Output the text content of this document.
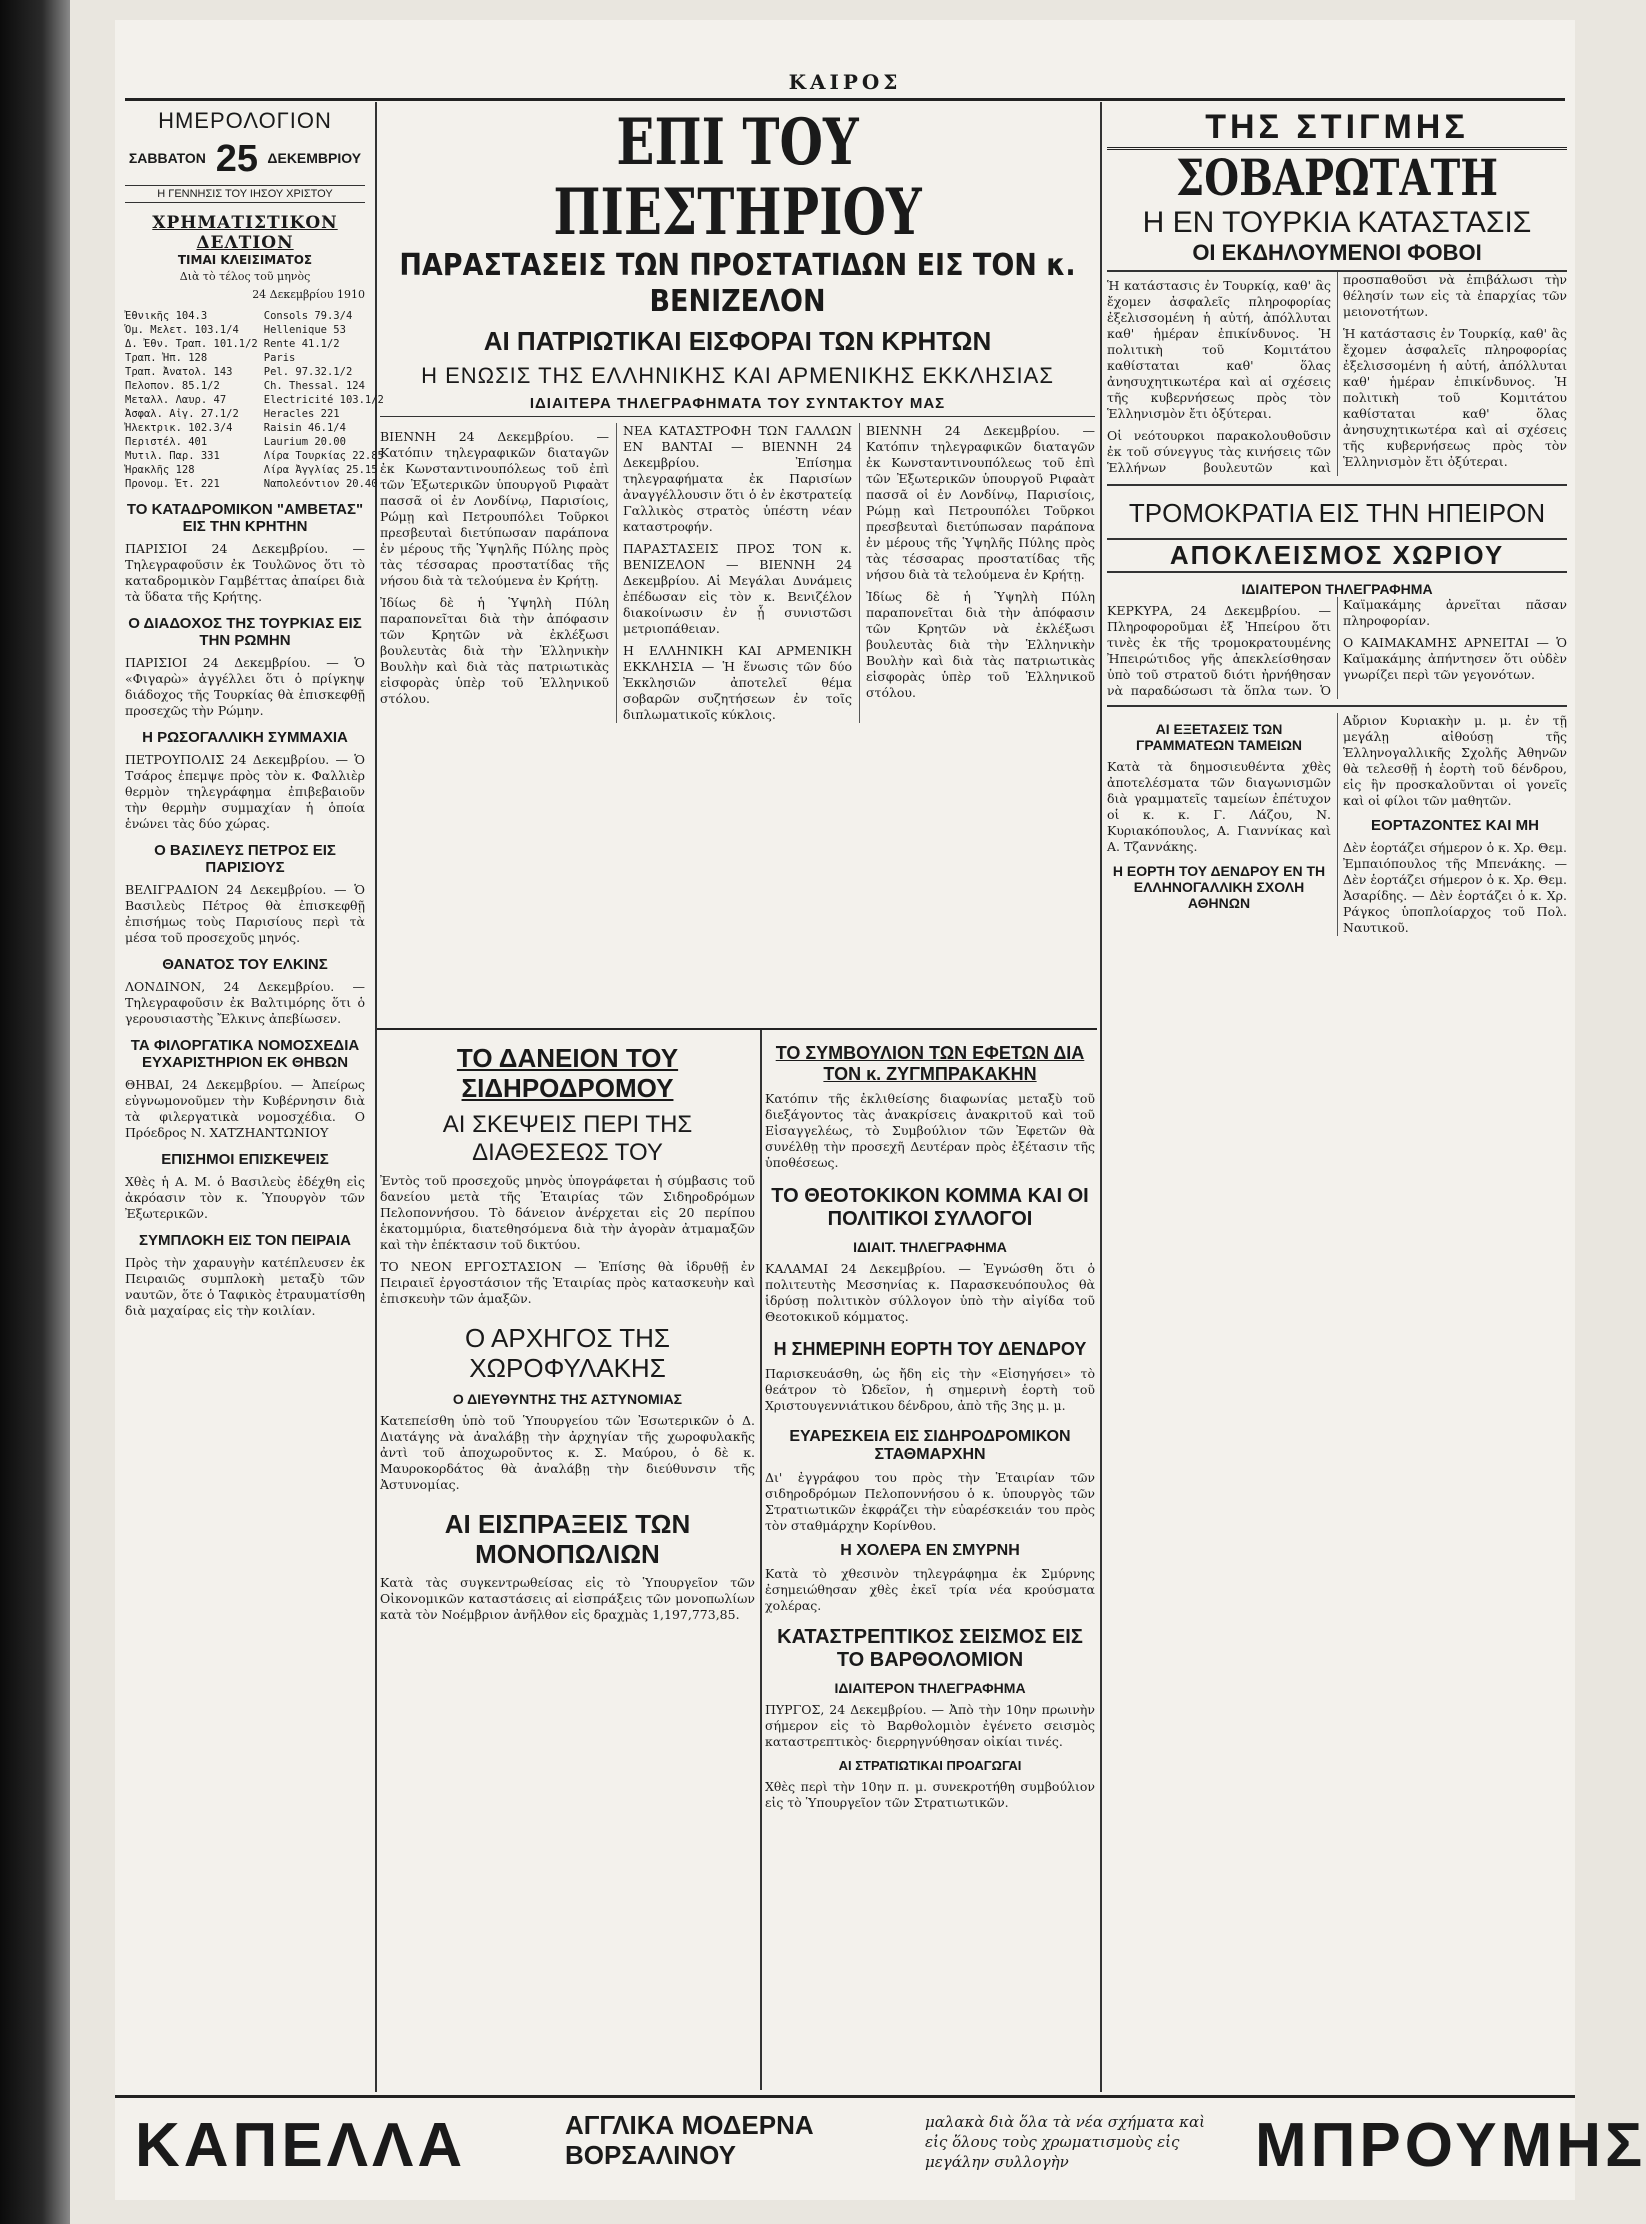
ΚΑΙΡΟΣ
ΗΜΕΡΟΛΟΓΙΟΝ
ΣΑΒΒΑΤΟΝ 25 ΔΕΚΕΜΒΡΙΟΥ
Η ΓΕΝΝΗΣΙΣ ΤΟΥ ΙΗΣΟΥ ΧΡΙΣΤΟΥ
ΧΡΗΜΑΤΙΣΤΙΚΟΝ ΔΕΛΤΙΟΝ
ΤΙΜΑΙ ΚΛΕΙΣΙΜΑΤΟΣ
Διὰ τὸ τέλος τοῦ μηνὸς
24 Δεκεμβρίου 1910
Ἐθνικῆς 104.3	Consols 79.3/4
Ὁμ. Μελετ. 103.1/4	Hellenique 53
Δ. Ἐθν. Τραπ. 101.1/2 Rente 41.1/2
Τραπ. Ἠπ. 128	Paris
Τραπ. Ἀνατολ. 143	Pel. 97.32.1/2
Πελοπον. 85.1/2	Ch. Thessal. 124
Μεταλλ. Λαυρ. 47	Electricité 103.1/2
Ἀσφαλ. Αἰγ. 27.1/2	Heracles 221
Ἠλεκτρικ. 102.3/4	Raisin 46.1/4
Περιστέλ. 401	Laurium 20.00
Μυτιλ. Παρ. 331	Λίρα Τουρκίας 22.85
Ἡρακλῆς 128	Λίρα Ἀγγλίας 25.15
Προνομ. Ἐτ. 221	Ναπολεόντιον 20.40
ΤΟ ΚΑΤΑΔΡΟΜΙΚΟΝ "ΑΜΒΕΤΑΣ" ΕΙΣ ΤΗΝ ΚΡΗΤΗΝ
ΠΑΡΙΣΙΟΙ 24 Δεκεμβρίου. — Τηλεγραφοῦσιν ἐκ Τουλῶνος ὅτι τὸ καταδρομικὸν Γαμβέττας ἀπαίρει διὰ τὰ ὕδατα τῆς Κρήτης.
Ο ΔΙΑΔΟΧΟΣ ΤΗΣ ΤΟΥΡΚΙΑΣ ΕΙΣ ΤΗΝ ΡΩΜΗΝ
ΠΑΡΙΣΙΟΙ 24 Δεκεμβρίου. — Ὁ «Φιγαρὼ» ἀγγέλλει ὅτι ὁ πρίγκηψ διάδοχος τῆς Τουρκίας θὰ ἐπισκεφθῇ προσεχῶς τὴν Ρώμην.
Η ΡΩΣΟΓΑΛΛΙΚΗ ΣΥΜΜΑΧΙΑ
ΠΕΤΡΟΥΠΟΛΙΣ 24 Δεκεμβρίου. — Ὁ Τσάρος ἐπεμψε πρὸς τὸν κ. Φαλλιὲρ θερμὸν τηλεγράφημα ἐπιβεβαιοῦν τὴν θερμὴν συμμαχίαν ἡ ὁποία ἑνώνει τὰς δύο χώρας.
Ο ΒΑΣΙΛΕΥΣ ΠΕΤΡΟΣ ΕΙΣ ΠΑΡΙΣΙΟΥΣ
ΒΕΛΙΓΡΑΔΙΟΝ 24 Δεκεμβρίου. — Ὁ Βασιλεὺς Πέτρος θὰ ἐπισκεφθῇ ἐπισήμως τοὺς Παρισίους περὶ τὰ μέσα τοῦ προσεχοῦς μηνός.
ΘΑΝΑΤΟΣ ΤΟΥ ΕΛΚΙΝΣ
ΛΟΝΔΙΝΟΝ, 24 Δεκεμβρίου. — Τηλεγραφοῦσιν ἐκ Βαλτιμόρης ὅτι ὁ γερουσιαστὴς Ἔλκινς ἀπεβίωσεν.
ΤΑ ΦΙΛΟΡΓΑΤΙΚΑ ΝΟΜΟΣΧΕΔΙΑ ΕΥΧΑΡΙΣΤΗΡΙΟΝ ΕΚ ΘΗΒΩΝ
ΘΗΒΑΙ, 24 Δεκεμβρίου. — Ἀπείρως εὐγνωμονοῦμεν τὴν Κυβέρνησιν διὰ τὰ φιλεργατικὰ νομοσχέδια. Ο Πρόεδρος Ν. ΧΑΤΖΗΑΝΤΩΝΙΟΥ
ΕΠΙΣΗΜΟΙ ΕΠΙΣΚΕΨΕΙΣ
Χθὲς ἡ Α. Μ. ὁ Βασιλεὺς ἐδέχθη εἰς ἀκρόασιν τὸν κ. Ὑπουργὸν τῶν Ἐξωτερικῶν.
ΣΥΜΠΛΟΚΗ ΕΙΣ ΤΟΝ ΠΕΙΡΑΙΑ
Πρὸς τὴν χαραυγὴν κατέπλευσεν ἐκ Πειραιῶς συμπλοκὴ μεταξὺ τῶν ναυτῶν, ὅτε ὁ Ταφικὸς ἐτραυματίσθη διὰ μαχαίρας εἰς τὴν κοιλίαν.
ΕΠΙ ΤΟΥ ΠΙΕΣΤΗΡΙΟΥ
ΠΑΡΑΣΤΑΣΕΙΣ ΤΩΝ ΠΡΟΣΤΑΤΙΔΩΝ ΕΙΣ ΤΟΝ κ. ΒΕΝΙΖΕΛΟΝ
ΑΙ ΠΑΤΡΙΩΤΙΚΑΙ ΕΙΣΦΟΡΑΙ ΤΩΝ ΚΡΗΤΩΝ
Η ΕΝΩΣΙΣ ΤΗΣ ΕΛΛΗΝΙΚΗΣ ΚΑΙ ΑΡΜΕΝΙΚΗΣ ΕΚΚΛΗΣΙΑΣ
ΙΔΙΑΙΤΕΡΑ ΤΗΛΕΓΡΑΦΗΜΑΤΑ ΤΟΥ ΣΥΝΤΑΚΤΟΥ ΜΑΣ
ΒΙΕΝΝΗ 24 Δεκεμβρίου. — Κατόπιν τηλεγραφικῶν διαταγῶν ἐκ Κωνσταντινουπόλεως τοῦ ἐπὶ τῶν Ἐξωτερικῶν ὑπουργοῦ Ριφαὰτ πασσᾶ οἱ ἐν Λονδίνῳ, Παρισίοις, Ρώμῃ καὶ Πετρουπόλει Τοῦρκοι πρεσβευταὶ διετύπωσαν παράπονα ἐν μέρους τῆς Ὑψηλῆς Πύλης πρὸς τὰς τέσσαρας προστατίδας τῆς νήσου διὰ τὰ τελούμενα ἐν Κρήτῃ.
Ἰδίως δὲ ἡ Ὑψηλὴ Πύλη παραπονεῖται διὰ τὴν ἀπόφασιν τῶν Κρητῶν νὰ ἐκλέξωσι βουλευτὰς διὰ τὴν Ἑλληνικὴν Βουλὴν καὶ διὰ τὰς πατριωτικὰς εἰσφορὰς ὑπὲρ τοῦ Ἑλληνικοῦ στόλου.
ΝΕΑ ΚΑΤΑΣΤΡΟΦΗ ΤΩΝ ΓΑΛΛΩΝ ΕΝ ΒΑΝΤΑΙ — ΒΙΕΝΝΗ 24 Δεκεμβρίου. Ἐπίσημα τηλεγραφήματα ἐκ Παρισίων ἀναγγέλλουσιν ὅτι ὁ ἐν ἐκστρατείᾳ Γαλλικὸς στρατὸς ὑπέστη νέαν καταστροφήν.
ΠΑΡΑΣΤΑΣΕΙΣ ΠΡΟΣ ΤΟΝ κ. ΒΕΝΙΖΕΛΟΝ — ΒΙΕΝΝΗ 24 Δεκεμβρίου. Αἱ Μεγάλαι Δυνάμεις ἐπέδωσαν εἰς τὸν κ. Βενιζέλον διακοίνωσιν ἐν ᾗ συνιστῶσι μετριοπάθειαν.
Η ΕΛΛΗΝΙΚΗ ΚΑΙ ΑΡΜΕΝΙΚΗ ΕΚΚΛΗΣΙΑ — Ἡ ἕνωσις τῶν δύο Ἐκκλησιῶν ἀποτελεῖ θέμα σοβαρῶν συζητήσεων ἐν τοῖς διπλωματικοῖς κύκλοις.
ΒΙΕΝΝΗ 24 Δεκεμβρίου. — Κατόπιν τηλεγραφικῶν διαταγῶν ἐκ Κωνσταντινουπόλεως τοῦ ἐπὶ τῶν Ἐξωτερικῶν ὑπουργοῦ Ριφαὰτ πασσᾶ οἱ ἐν Λονδίνῳ, Παρισίοις, Ρώμῃ καὶ Πετρουπόλει Τοῦρκοι πρεσβευταὶ διετύπωσαν παράπονα ἐν μέρους τῆς Ὑψηλῆς Πύλης πρὸς τὰς τέσσαρας προστατίδας τῆς νήσου διὰ τὰ τελούμενα ἐν Κρήτῃ.
Ἰδίως δὲ ἡ Ὑψηλὴ Πύλη παραπονεῖται διὰ τὴν ἀπόφασιν τῶν Κρητῶν νὰ ἐκλέξωσι βουλευτὰς διὰ τὴν Ἑλληνικὴν Βουλὴν καὶ διὰ τὰς πατριωτικὰς εἰσφορὰς ὑπὲρ τοῦ Ἑλληνικοῦ στόλου.
ΤΟ ΔΑΝΕΙΟΝ ΤΟΥ ΣΙΔΗΡΟΔΡΟΜΟΥ
ΑΙ ΣΚΕΨΕΙΣ ΠΕΡΙ ΤΗΣ ΔΙΑΘΕΣΕΩΣ ΤΟΥ
Ἐντὸς τοῦ προσεχοῦς μηνὸς ὑπογράφεται ἡ σύμβασις τοῦ δανείου μετὰ τῆς Ἑταιρίας τῶν Σιδηροδρόμων Πελοποννήσου. Τὸ δάνειον ἀνέρχεται εἰς 20 περίπου ἑκατομμύρια, διατεθησόμενα διὰ τὴν ἀγορὰν ἀτμαμαξῶν καὶ τὴν ἐπέκτασιν τοῦ δικτύου.
ΤΟ ΝΕΟΝ ΕΡΓΟΣΤΑΣΙΟΝ — Ἐπίσης θὰ ἱδρυθῇ ἐν Πειραιεῖ ἐργοστάσιον τῆς Ἑταιρίας πρὸς κατασκευὴν καὶ ἐπισκευὴν τῶν ἁμαξῶν.
Ο ΑΡΧΗΓΟΣ ΤΗΣ ΧΩΡΟΦΥΛΑΚΗΣ
Ο ΔΙΕΥΘΥΝΤΗΣ ΤΗΣ ΑΣΤΥΝΟΜΙΑΣ
Κατεπείσθη ὑπὸ τοῦ Ὑπουργείου τῶν Ἐσωτερικῶν ὁ Δ. Διατάγης νὰ ἀναλάβῃ τὴν ἀρχηγίαν τῆς χωροφυλακῆς ἀντὶ τοῦ ἀποχωροῦντος κ. Σ. Μαύρου, ὁ δὲ κ. Μαυροκορδάτος θὰ ἀναλάβῃ τὴν διεύθυνσιν τῆς Ἀστυνομίας.
ΑΙ ΕΙΣΠΡΑΞΕΙΣ ΤΩΝ ΜΟΝΟΠΩΛΙΩΝ
Κατὰ τὰς συγκεντρωθείσας εἰς τὸ Ὑπουργεῖον τῶν Οἰκονομικῶν καταστάσεις αἱ εἰσπράξεις τῶν μονοπωλίων κατὰ τὸν Νοέμβριον ἀνῆλθον εἰς δραχμὰς 1,197,773,85.
ΤΟ ΣΥΜΒΟΥΛΙΟΝ ΤΩΝ ΕΦΕΤΩΝ ΔΙΑ ΤΟΝ κ. ΖΥΓΜΠΡΑΚΑΚΗΝ
Κατόπιν τῆς ἐκλιθείσης διαφωνίας μεταξὺ τοῦ διεξάγοντος τὰς ἀνακρίσεις ἀνακριτοῦ καὶ τοῦ Εἰσαγγελέως, τὸ Συμβούλιον τῶν Ἐφετῶν θὰ συνέλθῃ τὴν προσεχῆ Δευτέραν πρὸς ἐξέτασιν τῆς ὑποθέσεως.
ΤΟ ΘΕΟΤΟΚΙΚΟΝ ΚΟΜΜΑ ΚΑΙ ΟΙ ΠΟΛΙΤΙΚΟΙ ΣΥΛΛΟΓΟΙ
ΙΔΙΑΙΤ. ΤΗΛΕΓΡΑΦΗΜΑ
ΚΑΛΑΜΑΙ 24 Δεκεμβρίου. — Ἐγνώσθη ὅτι ὁ πολιτευτὴς Μεσσηνίας κ. Παρασκευόπουλος θὰ ἱδρύσῃ πολιτικὸν σύλλογον ὑπὸ τὴν αἰγίδα τοῦ Θεοτοκικοῦ κόμματος.
Η ΣΗΜΕΡΙΝΗ ΕΟΡΤΗ ΤΟΥ ΔΕΝΔΡΟΥ
Παρισκευάσθη, ὡς ἤδη εἰς τὴν «Εἰσηγήσει» τὸ θεάτρον τὸ Ὠδεῖον, ἡ σημερινὴ ἑορτὴ τοῦ Χριστουγεννιάτικου δένδρου, ἀπὸ τῆς 3ης μ. μ.
ΕΥΑΡΕΣΚΕΙΑ ΕΙΣ ΣΙΔΗΡΟΔΡΟΜΙΚΟΝ ΣΤΑΘΜΑΡΧΗΝ
Δι' ἐγγράφου του πρὸς τὴν Ἑταιρίαν τῶν σιδηροδρόμων Πελοποννήσου ὁ κ. ὑπουργὸς τῶν Στρατιωτικῶν ἐκφράζει τὴν εὐαρέσκειάν του πρὸς τὸν σταθμάρχην Κορίνθου.
Η ΧΟΛΕΡΑ ΕΝ ΣΜΥΡΝΗ
Κατὰ τὸ χθεσινὸν τηλεγράφημα ἐκ Σμύρνης ἐσημειώθησαν χθὲς ἐκεῖ τρία νέα κρούσματα χολέρας.
ΚΑΤΑΣΤΡΕΠΤΙΚΟΣ ΣΕΙΣΜΟΣ ΕΙΣ ΤΟ ΒΑΡΘΟΛΟΜΙΟΝ
ΙΔΙΑΙΤΕΡΟΝ ΤΗΛΕΓΡΑΦΗΜΑ
ΠΥΡΓΟΣ, 24 Δεκεμβρίου. — Ἀπὸ τὴν 10ην πρωινὴν σήμερον εἰς τὸ Βαρθολομιὸν ἐγένετο σεισμὸς καταστρεπτικὸς· διερρηγνύθησαν οἰκίαι τινές.
ΑΙ ΣΤΡΑΤΙΩΤΙΚΑΙ ΠΡΟΑΓΩΓΑΙ
Χθὲς περὶ τὴν 10ην π. μ. συνεκροτήθη συμβούλιον εἰς τὸ Ὑπουργεῖον τῶν Στρατιωτικῶν.
ΤΗΣ ΣΤΙΓΜΗΣ
ΣΟΒΑΡΩΤΑΤΗ
Η ΕΝ ΤΟΥΡΚΙΑ ΚΑΤΑΣΤΑΣΙΣ
ΟΙ ΕΚΔΗΛΟΥΜΕΝΟΙ ΦΟΒΟΙ
Ἡ κατάστασις ἐν Τουρκίᾳ, καθ' ἃς ἔχομεν ἀσφαλεῖς πληροφορίας ἐξελισσομένη ἡ αὐτή, ἀπόλλυται καθ' ἡμέραν ἐπικίνδυνος. Ἡ πολιτικὴ τοῦ Κομιτάτου καθίσταται καθ' ὅλας ἀνησυχητικωτέρα καὶ αἱ σχέσεις τῆς κυβερνήσεως πρὸς τὸν Ἑλληνισμὸν ἔτι ὀξύτεραι.
Οἱ νεότουρκοι παρακολουθοῦσιν ἐκ τοῦ σύνεγγυς τὰς κινήσεις τῶν Ἑλλήνων βουλευτῶν καὶ προσπαθοῦσι νὰ ἐπιβάλωσι τὴν θέλησίν των εἰς τὰ ἐπαρχίας τῶν μειονοτήτων.
Ἡ κατάστασις ἐν Τουρκίᾳ, καθ' ἃς ἔχομεν ἀσφαλεῖς πληροφορίας ἐξελισσομένη ἡ αὐτή, ἀπόλλυται καθ' ἡμέραν ἐπικίνδυνος. Ἡ πολιτικὴ τοῦ Κομιτάτου καθίσταται καθ' ὅλας ἀνησυχητικωτέρα καὶ αἱ σχέσεις τῆς κυβερνήσεως πρὸς τὸν Ἑλληνισμὸν ἔτι ὀξύτεραι.
ΤΡΟΜΟΚΡΑΤΙΑ ΕΙΣ ΤΗΝ ΗΠΕΙΡΟΝ
ΑΠΟΚΛΕΙΣΜΟΣ ΧΩΡΙΟΥ
ΙΔΙΑΙΤΕΡΟΝ ΤΗΛΕΓΡΑΦΗΜΑ
ΚΕΡΚΥΡΑ, 24 Δεκεμβρίου. — Πληροφοροῦμαι ἐξ Ἠπείρου ὅτι τινὲς ἐκ τῆς τρομοκρατουμένης Ἠπειρώτιδος γῆς ἀπεκλείσθησαν ὑπὸ τοῦ στρατοῦ διότι ἠρνήθησαν νὰ παραδώσωσι τὰ ὅπλα των. Ὁ Καϊμακάμης ἀρνεῖται πᾶσαν πληροφορίαν.
Ο ΚΑΙΜΑΚΑΜΗΣ ΑΡΝΕΙΤΑΙ — Ὁ Καϊμακάμης ἀπήντησεν ὅτι οὐδὲν γνωρίζει περὶ τῶν γεγονότων.
ΑΙ ΕΞΕΤΑΣΕΙΣ ΤΩΝ ΓΡΑΜΜΑΤΕΩΝ ΤΑΜΕΙΩΝ
Κατὰ τὰ δημοσιευθέντα χθὲς ἀποτελέσματα τῶν διαγωνισμῶν διὰ γραμματεῖς ταμείων ἐπέτυχον οἱ κ. κ. Γ. Λάζου, Ν. Κυριακόπουλος, Α. Γιαννίκας καὶ Α. Τζαννάκης.
Η ΕΟΡΤΗ ΤΟΥ ΔΕΝΔΡΟΥ ΕΝ ΤΗ ΕΛΛΗΝΟΓΑΛΛΙΚΗ ΣΧΟΛΗ ΑΘΗΝΩΝ
Αὔριον Κυριακὴν μ. μ. ἐν τῇ μεγάλῃ αἰθούσῃ τῆς Ἑλληνογαλλικῆς Σχολῆς Ἀθηνῶν θὰ τελεσθῇ ἡ ἑορτὴ τοῦ δένδρου, εἰς ἣν προσκαλοῦνται οἱ γονεῖς καὶ οἱ φίλοι τῶν μαθητῶν.
ΕΟΡΤΑΖΟΝΤΕΣ ΚΑΙ ΜΗ
Δὲν ἑορτάζει σήμερον ὁ κ. Χρ. Θεμ. Ἐμπαιόπουλος τῆς Μπενάκης. — Δὲν ἑορτάζει σήμερον ὁ κ. Χρ. Θεμ. Ἀσαρίδης. — Δὲν ἑορτάζει ὁ κ. Χρ. Ράγκος ὑποπλοίαρχος τοῦ Πολ. Ναυτικοῦ.
ΚΑΠΕΛΛΑ	ΑΓΓΛΙΚΑ ΜΟΔΕΡΝΑ
ΒΟΡΣΑΛΙΝΟΥ
μαλακὰ διὰ ὅλα τὰ νέα σχήματα καὶ εἰς ὅλους τοὺς χρωματισμοὺς εἰς μεγάλην συλλογὴν	ΜΠΡΟΥΜΗΣ
